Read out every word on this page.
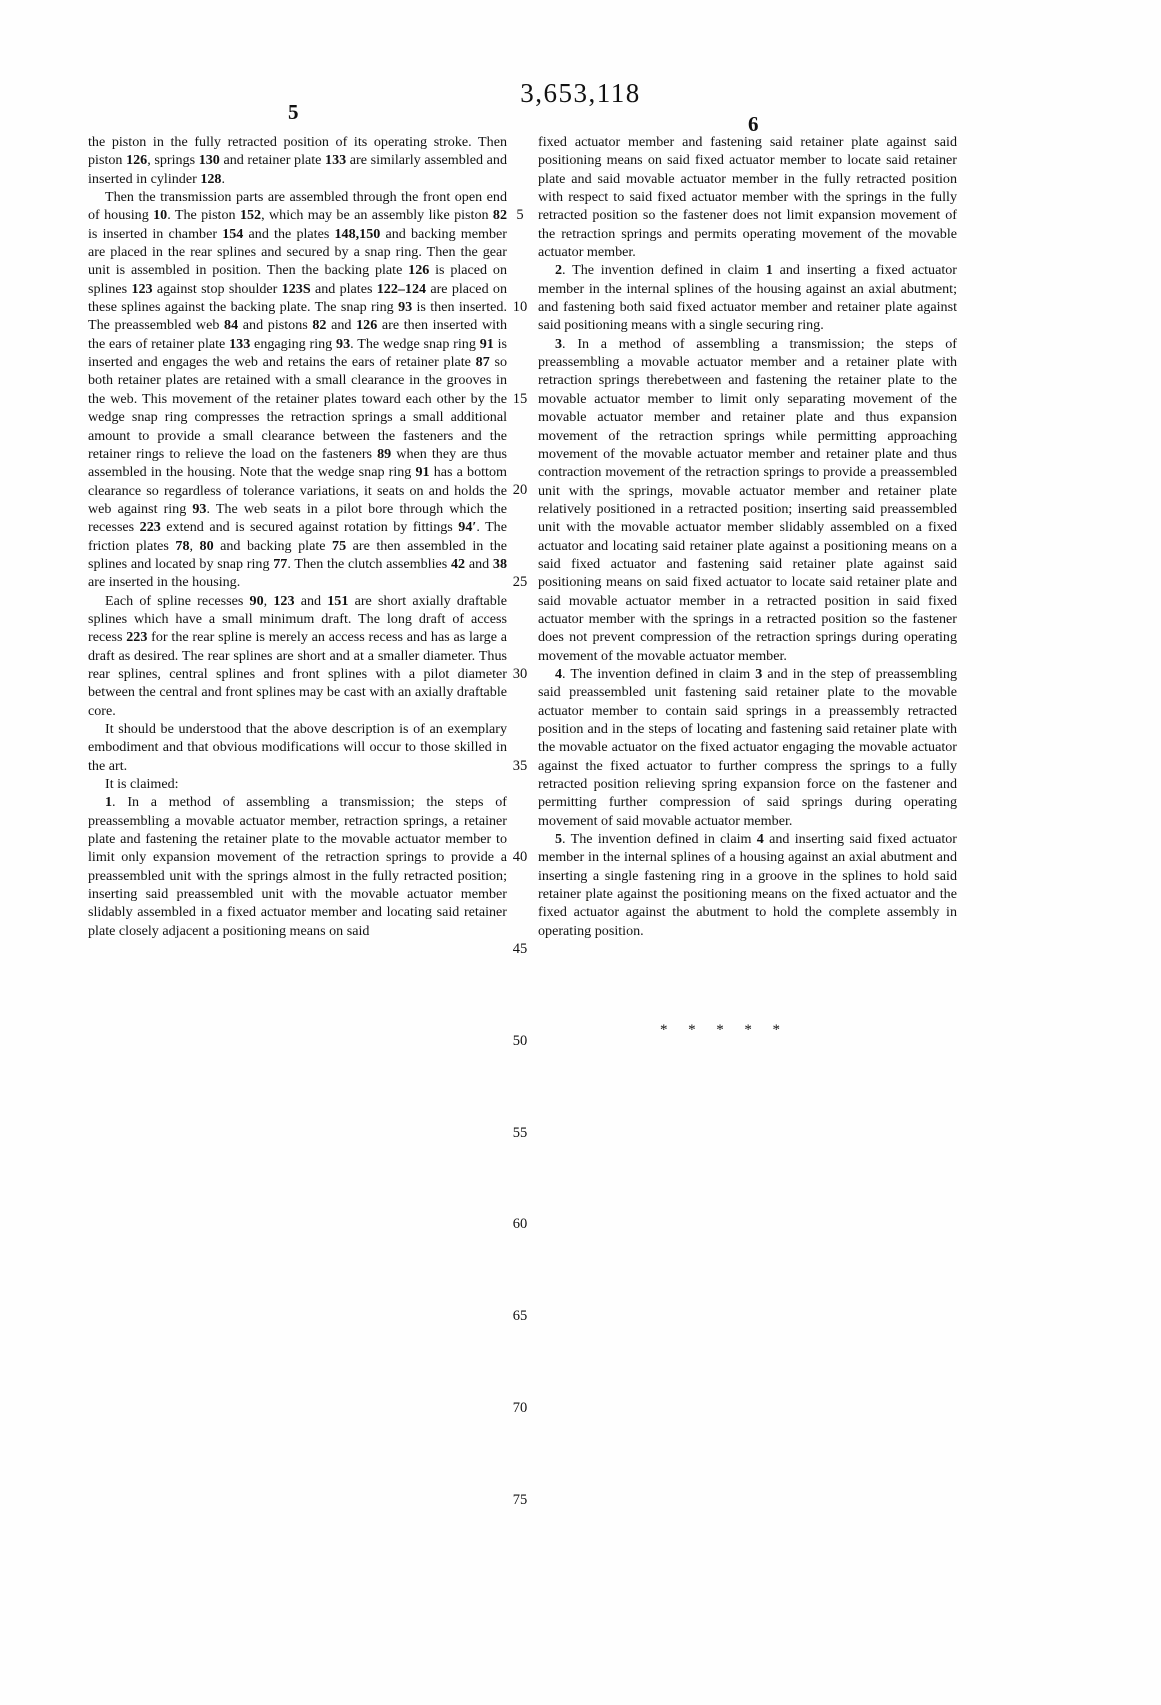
3,653,118
5	6

the piston in the fully retracted position of its operating stroke. Then piston 126, springs 130 and retainer plate 133 are similarly assembled and inserted in cylinder 128.

Then the transmission parts are assembled through the front open end of housing 10. The piston 152, which may be an assembly like piston 82 is inserted in chamber 154 and the plates 148,150 and backing member are placed in the rear splines and secured by a snap ring. Then the gear unit is assembled in position. Then the backing plate 126 is placed on splines 123 against stop shoulder 123S and plates 122–124 are placed on these splines against the backing plate. The snap ring 93 is then inserted. The preassembled web 84 and pistons 82 and 126 are then inserted with the ears of retainer plate 133 engaging ring 93. The wedge snap ring 91 is inserted and engages the web and retains the ears of retainer plate 87 so both retainer plates are retained with a small clearance in the grooves in the web. This movement of the retainer plates toward each other by the wedge snap ring compresses the retraction springs a small additional amount to provide a small clearance between the fasteners and the retainer rings to relieve the load on the fasteners 89 when they are thus assembled in the housing. Note that the wedge snap ring 91 has a bottom clearance so regardless of tolerance variations, it seats on and holds the web against ring 93. The web seats in a pilot bore through which the recesses 223 extend and is secured against rotation by fittings 94′. The friction plates 78, 80 and backing plate 75 are then assembled in the splines and located by snap ring 77. Then the clutch assemblies 42 and 38 are inserted in the housing.

Each of spline recesses 90, 123 and 151 are short axially draftable splines which have a small minimum draft. The long draft of access recess 223 for the rear spline is merely an access recess and has as large a draft as desired. The rear splines are short and at a smaller diameter. Thus rear splines, central splines and front splines with a pilot diameter between the central and front splines may be cast with an axially draftable core.

It should be understood that the above description is of an exemplary embodiment and that obvious modifications will occur to those skilled in the art.

It is claimed:

1. In a method of assembling a transmission; the steps of preassembling a movable actuator member, retraction springs, a retainer plate and fastening the retainer plate to the movable actuator member to limit only expansion movement of the retraction springs to provide a preassembled unit with the springs almost in the fully retracted position; inserting said preassembled unit with the movable actuator member slidably assembled in a fixed actuator member and locating said retainer plate closely adjacent a positioning means on said

5
10
15
20
25
30
35
40
45
50
55
60
65
70
75

fixed actuator member and fastening said retainer plate against said positioning means on said fixed actuator member to locate said retainer plate and said movable actuator member in the fully retracted position with respect to said fixed actuator member with the springs in the fully retracted position so the fastener does not limit expansion movement of the retraction springs and permits operating movement of the movable actuator member.

2. The invention defined in claim 1 and inserting a fixed actuator member in the internal splines of the housing against an axial abutment; and fastening both said fixed actuator member and retainer plate against said positioning means with a single securing ring.

3. In a method of assembling a transmission; the steps of preassembling a movable actuator member and a retainer plate with retraction springs therebetween and fastening the retainer plate to the movable actuator member to limit only separating movement of the movable actuator member and retainer plate and thus expansion movement of the retraction springs while permitting approaching movement of the movable actuator member and retainer plate and thus contraction movement of the retraction springs to provide a preassembled unit with the springs, movable actuator member and retainer plate relatively positioned in a retracted position; inserting said preassembled unit with the movable actuator member slidably assembled on a fixed actuator and locating said retainer plate against a positioning means on a said fixed actuator and fastening said retainer plate against said positioning means on said fixed actuator to locate said retainer plate and said movable actuator member in a retracted position in said fixed actuator member with the springs in a retracted position so the fastener does not prevent compression of the retraction springs during operating movement of the movable actuator member.

4. The invention defined in claim 3 and in the step of preassembling said preassembled unit fastening said retainer plate to the movable actuator member to contain said springs in a preassembly retracted position and in the steps of locating and fastening said retainer plate with the movable actuator on the fixed actuator engaging the movable actuator against the fixed actuator to further compress the springs to a fully retracted position relieving spring expansion force on the fastener and permitting further compression of said springs during operating movement of said movable actuator member.

5. The invention defined in claim 4 and inserting said fixed actuator member in the internal splines of a housing against an axial abutment and inserting a single fastening ring in a groove in the splines to hold said retainer plate against the positioning means on the fixed actuator and the fixed actuator against the abutment to hold the complete assembly in operating position.

* * * * *
